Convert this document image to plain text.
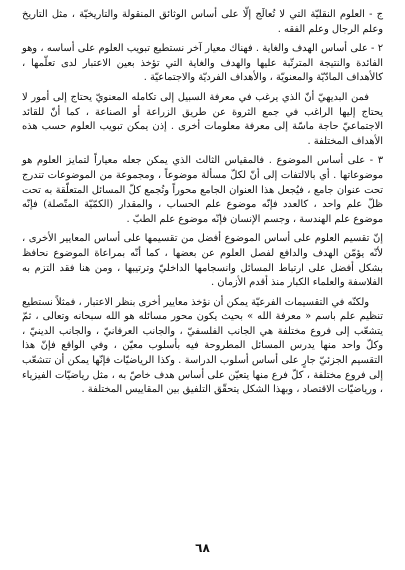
ج - العلوم النقليّة التي لا تُعالَج إلّا على أساس الوثائق المنقولة والتاريخيّة ، مثل التاريخ وعلم الرجال وعلم الفقه .

٢ - على أساس الهدف والغاية . فهناك معيار آخر نستطيع تبويب العلوم على أساسه ، وهو الفائدة والنتيجة المترتّبة عليها والهدف والغاية التي تؤخذ بعين الاعتبار لدى تعلّمها ، كالأهداف المادّيّة والمعنويّة ، والأهداف الفرديّة والاجتماعيّة .

فمن البديهيّ أنّ الذي يرغب في معرفة السبيل إلى تكامله المعنويّ يحتاج إلى أمور لا يحتاج إليها الراغب في جمع الثروة عن طريق الزراعة أو الصناعة ، كما أنّ للقائد الاجتماعيّ حاجة ماسّة إلى معرفة معلومات أخرى . إذن يمكن تبويب العلوم حسب هذه الأهداف المختلفة .

٣ - على أساس الموضوع . فالمقياس الثالث الذي يمكن جعله معياراً لتمايز العلوم هو موضوعاتها . أي بالالتفات إلى أنّ لكلّ مسألة موضوعاً ، ومجموعة من الموضوعات تندرج تحت عنوان جامع ، فيُجعل هذا العنوان الجامع محوراً وتُجمع كلّ المسائل المتعلّقة به تحت ظلّ علم واحد ، كالعدد فإنّه موضوع علم الحساب ، والمقدار (الكمّيّة المتّصلة) فإنّه موضوع علم الهندسة ، وجسم الإنسان فإنّه موضوع علم الطبّ .

إنّ تقسيم العلوم على أساس الموضوع أفضل من تقسيمها على أساس المعايير الأخرى ، لأنّه يؤمّن الهدف والدافع لفصل العلوم عن بعضها ، كما أنّه بمراعاة الموضوع نحافظ بشكل أفضل على ارتباط المسائل وانسجامها الداخليّ وترتيبها ، ومن هنا فقد التزم به الفلاسفة والعلماء الكبار منذ أقدم الأزمان .

ولكنّه في التقسيمات الفرعيّة يمكن أن نؤخذ معايير أخرى بنظر الاعتبار ، فمثلاً نستطيع تنظيم علم باسم « معرفة الله » بحيث يكون محور مسائله هو الله سبحانه وتعالى ، ثمّ يتشعّب إلى فروع مختلفة هي الجانب الفلسفيّ ، والجانب العرفانيّ ، والجانب الدينيّ ، وكلّ واحد منها يدرس المسائل المطروحة فيه بأسلوب معيّن ، وفي الواقع فإنّ هذا التقسيم الجزئيّ جارٍ على أساس أسلوب الدراسة . وكذا الرياضيّات فإنّها يمكن أن تتشعّب إلى فروع مختلفة ، كلّ فرع منها يتعيّن على أساس هدف خاصّ به ، مثل رياضيّات الفيزياء ، ورياضيّات الاقتصاد ، وبهذا الشكل يتحقّق التلفيق بين المقاييس المختلفة .

٦٨
